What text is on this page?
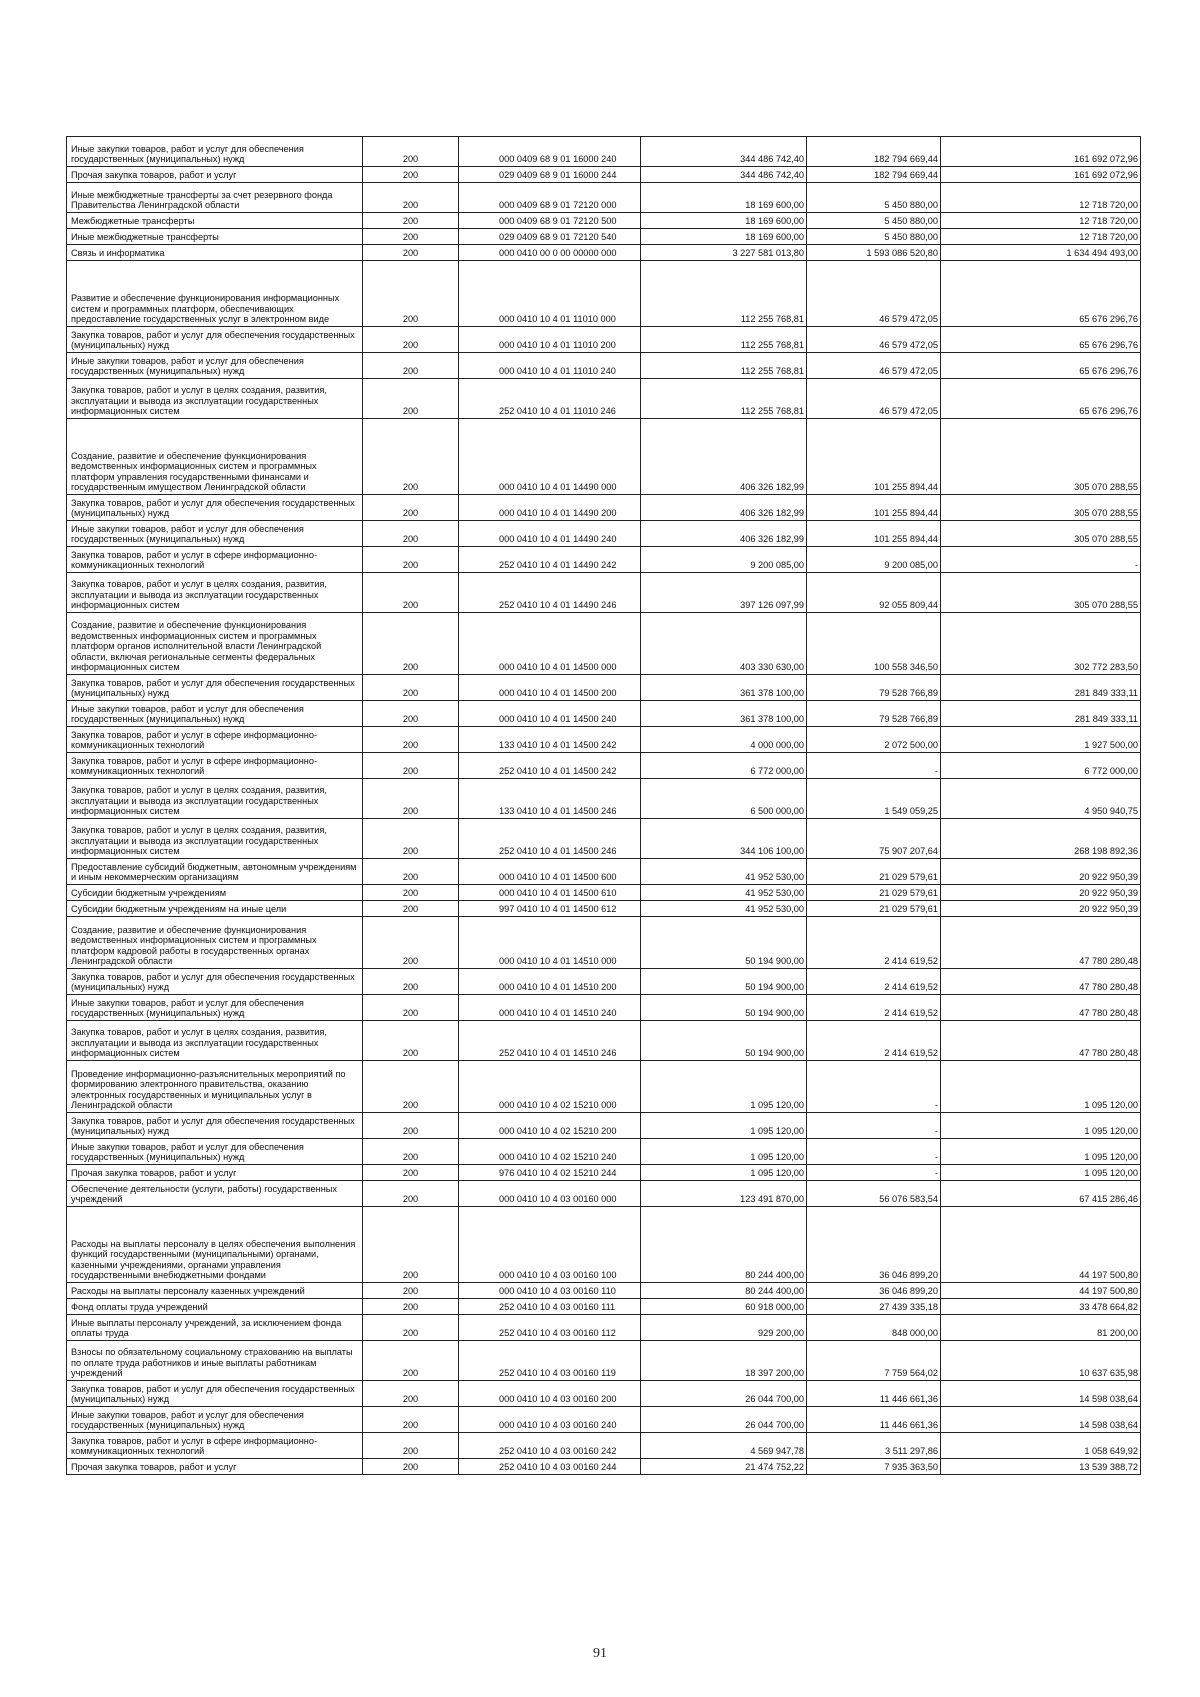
Иные закупки товаров, работ и услуг для обеспечения государственных (муниципальных) нужд	200	000 0409 68 9 01 16000 240	344 486 742,40	182 794 669,44	161 692 072,96
Прочая закупка товаров, работ и услуг	200	029 0409 68 9 01 16000 244	344 486 742,40	182 794 669,44	161 692 072,96
Иные межбюджетные трансферты за счет резервного фонда Правительства Ленинградской области	200	000 0409 68 9 01 72120 000	18 169 600,00	5 450 880,00	12 718 720,00
Межбюджетные трансферты	200	000 0409 68 9 01 72120 500	18 169 600,00	5 450 880,00	12 718 720,00
Иные межбюджетные трансферты	200	029 0409 68 9 01 72120 540	18 169 600,00	5 450 880,00	12 718 720,00
Связь и информатика	200	000 0410 00 0 00 00000 000	3 227 581 013,80	1 593 086 520,80	1 634 494 493,00
Развитие и обеспечение функционирования информационных систем и программных платформ, обеспечивающих предоставление государственных услуг в электронном виде	200	000 0410 10 4 01 11010 000	112 255 768,81	46 579 472,05	65 676 296,76
Закупка товаров, работ и услуг для обеспечения государственных (муниципальных) нужд	200	000 0410 10 4 01 11010 200	112 255 768,81	46 579 472,05	65 676 296,76
Иные закупки товаров, работ и услуг для обеспечения государственных (муниципальных) нужд	200	000 0410 10 4 01 11010 240	112 255 768,81	46 579 472,05	65 676 296,76
Закупка товаров, работ и услуг в целях создания, развития, эксплуатации и вывода из эксплуатации государственных информационных систем	200	252 0410 10 4 01 11010 246	112 255 768,81	46 579 472,05	65 676 296,76
Создание, развитие и обеспечение функционирования ведомственных информационных систем и программных платформ управления государственными финансами и государственным имуществом Ленинградской области	200	000 0410 10 4 01 14490 000	406 326 182,99	101 255 894,44	305 070 288,55
Закупка товаров, работ и услуг для обеспечения государственных (муниципальных) нужд	200	000 0410 10 4 01 14490 200	406 326 182,99	101 255 894,44	305 070 288,55
Иные закупки товаров, работ и услуг для обеспечения государственных (муниципальных) нужд	200	000 0410 10 4 01 14490 240	406 326 182,99	101 255 894,44	305 070 288,55
Закупка товаров, работ и услуг в сфере информационно-коммуникационных технологий	200	252 0410 10 4 01 14490 242	9 200 085,00	9 200 085,00	-
Закупка товаров, работ и услуг в целях создания, развития, эксплуатации и вывода из эксплуатации государственных информационных систем	200	252 0410 10 4 01 14490 246	397 126 097,99	92 055 809,44	305 070 288,55
Создание, развитие и обеспечение функционирования ведомственных информационных систем и программных платформ органов исполнительной власти Ленинградской области, включая региональные сегменты федеральных информационных систем	200	000 0410 10 4 01 14500 000	403 330 630,00	100 558 346,50	302 772 283,50
Закупка товаров, работ и услуг для обеспечения государственных (муниципальных) нужд	200	000 0410 10 4 01 14500 200	361 378 100,00	79 528 766,89	281 849 333,11
Иные закупки товаров, работ и услуг для обеспечения государственных (муниципальных) нужд	200	000 0410 10 4 01 14500 240	361 378 100,00	79 528 766,89	281 849 333,11
Закупка товаров, работ и услуг в сфере информационно-коммуникационных технологий	200	133 0410 10 4 01 14500 242	4 000 000,00	2 072 500,00	1 927 500,00
Закупка товаров, работ и услуг в сфере информационно-коммуникационных технологий	200	252 0410 10 4 01 14500 242	6 772 000,00	-	6 772 000,00
Закупка товаров, работ и услуг в целях создания, развития, эксплуатации и вывода из эксплуатации государственных информационных систем	200	133 0410 10 4 01 14500 246	6 500 000,00	1 549 059,25	4 950 940,75
Закупка товаров, работ и услуг в целях создания, развития, эксплуатации и вывода из эксплуатации государственных информационных систем	200	252 0410 10 4 01 14500 246	344 106 100,00	75 907 207,64	268 198 892,36
Предоставление субсидий бюджетным, автономным учреждениям и иным некоммерческим организациям	200	000 0410 10 4 01 14500 600	41 952 530,00	21 029 579,61	20 922 950,39
Субсидии бюджетным учреждениям	200	000 0410 10 4 01 14500 610	41 952 530,00	21 029 579,61	20 922 950,39
Субсидии бюджетным учреждениям на иные цели	200	997 0410 10 4 01 14500 612	41 952 530,00	21 029 579,61	20 922 950,39
Создание, развитие и обеспечение функционирования ведомственных информационных систем и программных платформ кадровой работы в государственных органах Ленинградской области	200	000 0410 10 4 01 14510 000	50 194 900,00	2 414 619,52	47 780 280,48
Закупка товаров, работ и услуг для обеспечения государственных (муниципальных) нужд	200	000 0410 10 4 01 14510 200	50 194 900,00	2 414 619,52	47 780 280,48
Иные закупки товаров, работ и услуг для обеспечения государственных (муниципальных) нужд	200	000 0410 10 4 01 14510 240	50 194 900,00	2 414 619,52	47 780 280,48
Закупка товаров, работ и услуг в целях создания, развития, эксплуатации и вывода из эксплуатации государственных информационных систем	200	252 0410 10 4 01 14510 246	50 194 900,00	2 414 619,52	47 780 280,48
Проведение информационно-разъяснительных мероприятий по формированию электронного правительства, оказанию электронных государственных и муниципальных услуг в Ленинградской области	200	000 0410 10 4 02 15210 000	1 095 120,00	-	1 095 120,00
Закупка товаров, работ и услуг для обеспечения государственных (муниципальных) нужд	200	000 0410 10 4 02 15210 200	1 095 120,00	-	1 095 120,00
Иные закупки товаров, работ и услуг для обеспечения государственных (муниципальных) нужд	200	000 0410 10 4 02 15210 240	1 095 120,00	-	1 095 120,00
Прочая закупка товаров, работ и услуг	200	976 0410 10 4 02 15210 244	1 095 120,00	-	1 095 120,00
Обеспечение деятельности (услуги, работы) государственных учреждений	200	000 0410 10 4 03 00160 000	123 491 870,00	56 076 583,54	67 415 286,46
Расходы на выплаты персоналу в целях обеспечения выполнения функций государственными (муниципальными) органами, казенными учреждениями, органами управления государственными внебюджетными фондами	200	000 0410 10 4 03 00160 100	80 244 400,00	36 046 899,20	44 197 500,80
Расходы на выплаты персоналу казенных учреждений	200	000 0410 10 4 03 00160 110	80 244 400,00	36 046 899,20	44 197 500,80
Фонд оплаты труда учреждений	200	252 0410 10 4 03 00160 111	60 918 000,00	27 439 335,18	33 478 664,82
Иные выплаты персоналу учреждений, за исключением фонда оплаты труда	200	252 0410 10 4 03 00160 112	929 200,00	848 000,00	81 200,00
Взносы по обязательному социальному страхованию на выплаты по оплате труда работников и иные выплаты работникам учреждений	200	252 0410 10 4 03 00160 119	18 397 200,00	7 759 564,02	10 637 635,98
Закупка товаров, работ и услуг для обеспечения государственных (муниципальных) нужд	200	000 0410 10 4 03 00160 200	26 044 700,00	11 446 661,36	14 598 038,64
Иные закупки товаров, работ и услуг для обеспечения государственных (муниципальных) нужд	200	000 0410 10 4 03 00160 240	26 044 700,00	11 446 661,36	14 598 038,64
Закупка товаров, работ и услуг в сфере информационно-коммуникационных технологий	200	252 0410 10 4 03 00160 242	4 569 947,78	3 511 297,86	1 058 649,92
Прочая закупка товаров, работ и услуг	200	252 0410 10 4 03 00160 244	21 474 752,22	7 935 363,50	13 539 388,72
91
